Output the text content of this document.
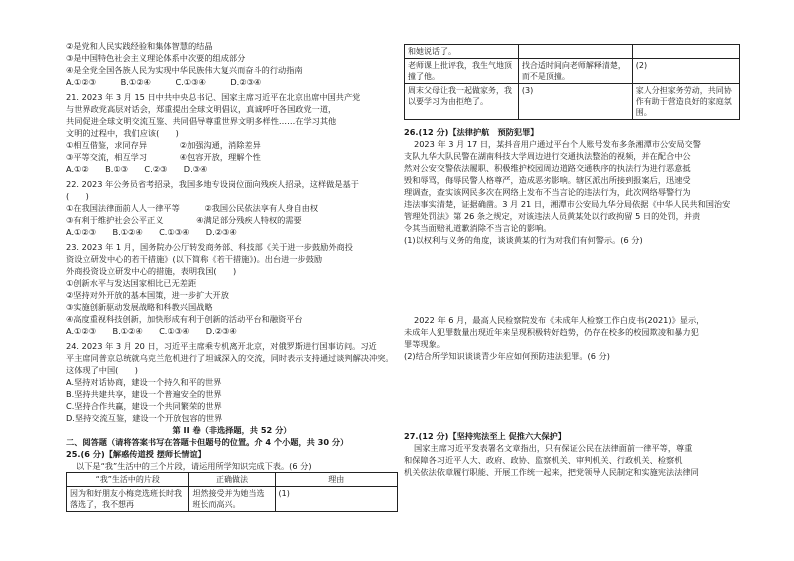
②是党和人民实践经验和集体智慧的结晶
③是中国特色社会主义理论体系中次要的组成部分
④是全党全国各族人民为实现中华民族伟大复兴而奋斗的行动指南
A.①②③　　　B.①②④　　　C.①③④　　　D.②③④
21. 2023 年 3 月 15 日中共中央总书记、国家主席习近平在北京出席中国共产党
与世界政党高层对话会，郑重提出全球文明倡议，真诚呼吁各国政党一道，
共同促进全球文明交流互鉴、共同倡导尊重世界文明多样性……在学习其他
文明的过程中，我们应该(　　)
①相互借鉴，求同存异　　　　②加强沟通，消除差异
③平等交流，相互学习　　　　④包容开放，理解个性
A.①②　　B.①③　　C.②③　　D.③④
22. 2023 年公务员省考招录，我国多地专设岗位面向残疾人招录，这样做是基于
(　　)
①在我国法律面前人人一律平等　　　②我国公民依法享有人身自由权
③有利于维护社会公平正义　　　　④满足部分残疾人特权的需要
A.①②③　　B.①②④　　C.①③④　　D.②③④
23. 2023 年 1 月，国务院办公厅转发商务部、科技部《关于进一步鼓励外商投
资设立研发中心的若干措施》(以下简称《若干措施》)。出台进一步鼓励
外商投资设立研发中心的措施，表明我国(　　)
①创新水平与发达国家相比已无差距
②坚持对外开放的基本国策，进一步扩大开放
③实施创新驱动发展战略和科教兴国战略
④高度重视科技创新，加快形成有利于创新的活动平台和融资平台
A.①②③　　B.①②④　　C.①③④　　D.②③④
24. 2023 年 3 月 20 日，习近平主席乘专机离开北京，对俄罗斯进行国事访问。习近
平主席同普京总统就乌克兰危机进行了坦诚深入的交流，同时表示支持通过谈判解决冲突。
这体现了中国(　　)
A.坚持对话协商，建设一个持久和平的世界
B.坚持共建共享，建设一个普遍安全的世界
C.坚持合作共赢，建设一个共同繁荣的世界
D.坚持交流互鉴，建设一个开放包容的世界
第 II 卷（非选择题，共 52 分）
二、阅答题（请将答案书写在答题卡但题号的位置。介 4 个小题，共 30 分）
25.(6 分)【解惑传道授 摆师长情谊】
以下是“我”生活中的三个片段，请运用所学知识完成下表。(6 分)
“我”生活中的片段	正确做法	理由
因为和好朋友小梅竞选班长时我落选了，我不想再	坦然接受并为她当选班长而高兴。	(1)
和她说话了。		
老师课上批评我，我生气地顶撞了他。	找合适时间向老师解释清楚，而不是顶撞。	(2)
周末父母让我一起做家务，我以要学习为由拒绝了。	(3)	家人分担家务劳动，共同协作有助于营造良好的家庭氛围。
26.(12 分)【法律护航　预防犯罪】
2023 年 3 月 17 日，某抖音用户通过平台个人账号发布多条湘潭市公安局交警
支队九华大队民警在湖南科技大学周边进行交通执法整治的视频，并在配合中公
然对公安交警依法履职、积极维护校园周边道路交通秩序的执法行为进行恶意抵
毁和辱骂，侮辱民警人格尊严，造成恶劣影响。辖区派出所接到报案后，迅速受
理调查，查实该网民多次在网络上发布不当言论的违法行为，此次网络辱警行为
违法事实清楚，证据确凿。3 月 21 日，湘潭市公安局九华分局依据《中华人民共和国治安
管理处罚法》第 26 条之规定，对该违法人员黄某处以行政拘留 5 日的处罚，并责
令其当面赔礼道歉消除不当言论的影响。
(1)以权利与义务的角度，谈谈黄某的行为对我们有何警示。(6 分)
2022 年 6 月，最高人民检察院发布《未成年人检察工作白皮书(2021)》显示，
未成年人犯罪数量出现近年来呈现积极转好趋势，仍存在校多的校园欺凌和暴力犯
罪等现象。
(2)结合所学知识谈谈青少年应如何预防违法犯罪。(6 分)
27.(12 分)【坚持宪法至上 促推六大保护】
国家主席习近平发表署名文章指出，只有保证公民在法律面前一律平等，尊重
和保障各习近平人大、政府、政协、监察机关、审判机关、行政机关、检察机
机关依法依章履行职能、开展工作统一起来，把党领导人民制定和实施宪法法律同
